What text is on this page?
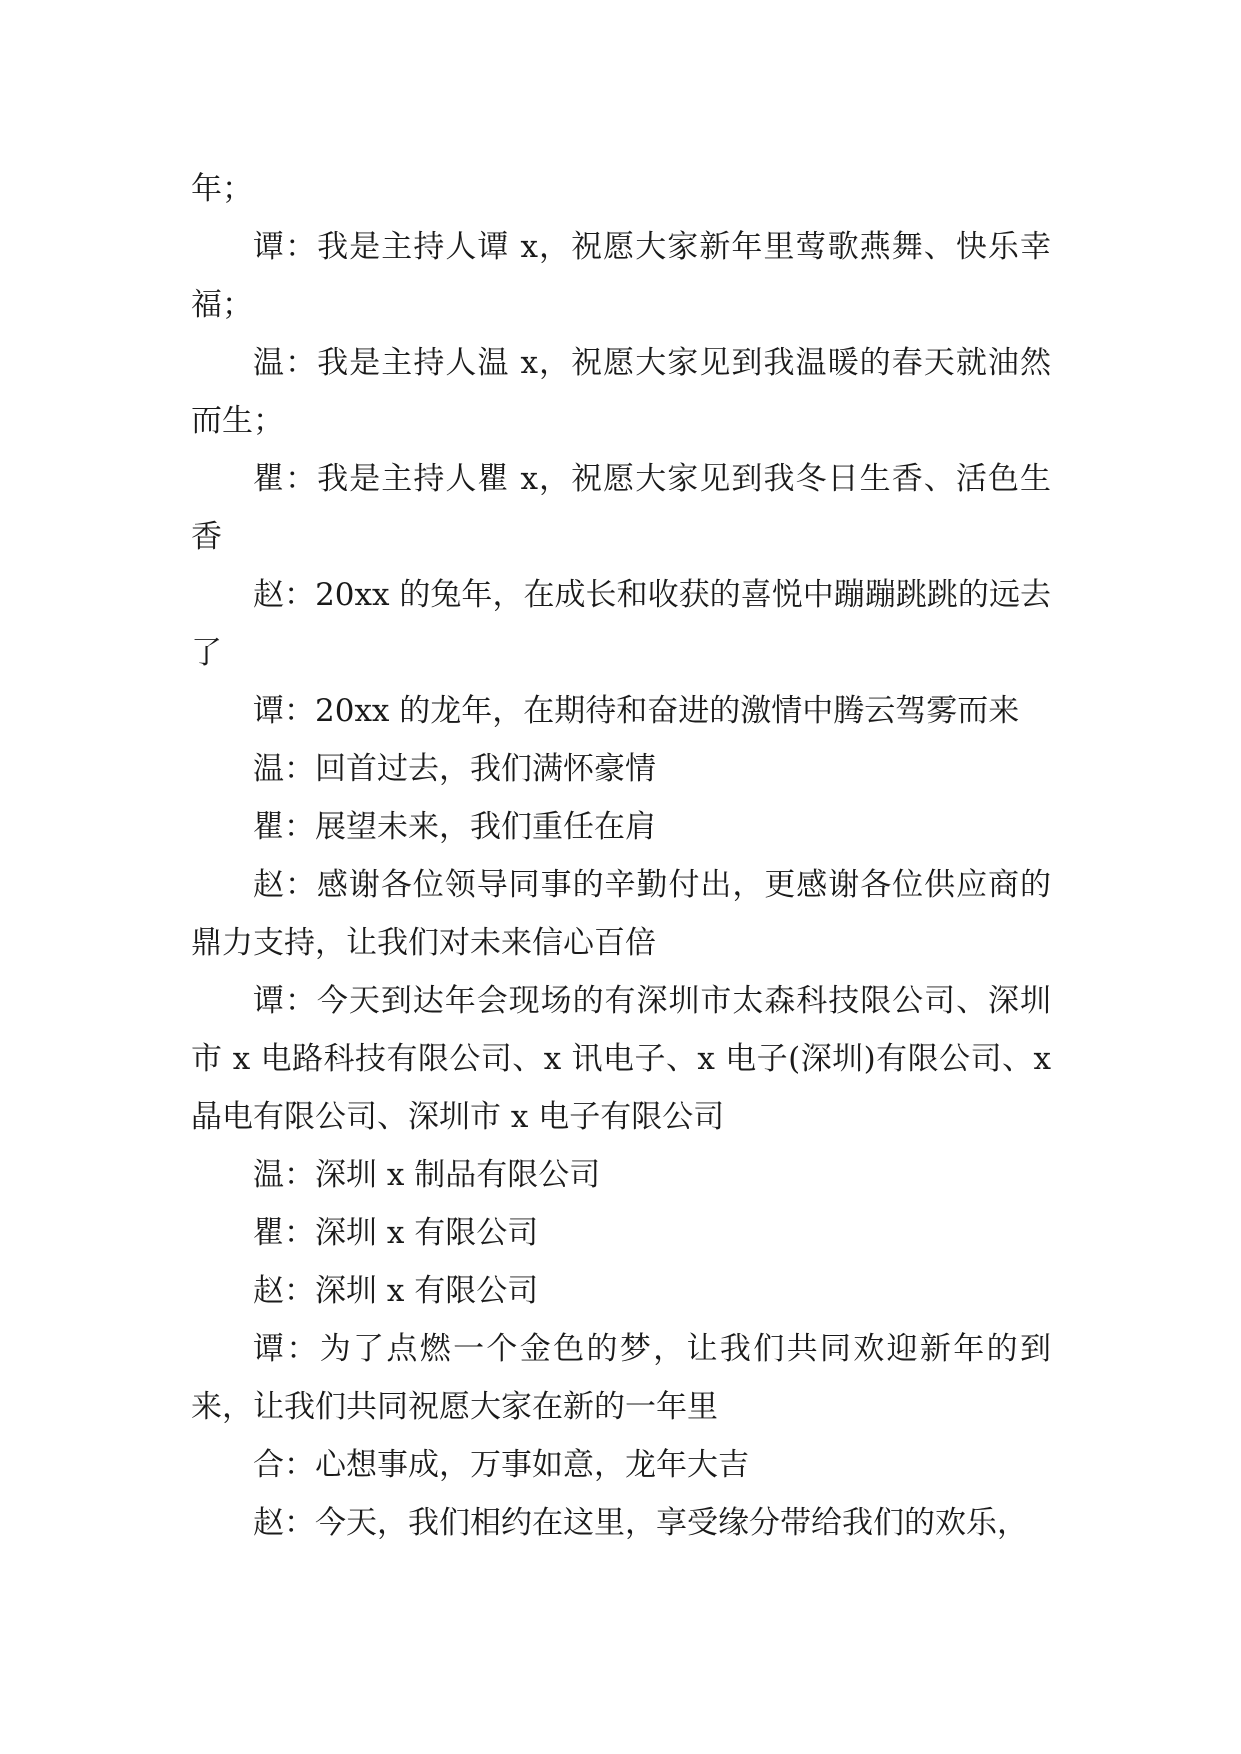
年；

谭：我是主持人谭 x，祝愿大家新年里莺歌燕舞、快乐幸福；

温：我是主持人温 x，祝愿大家见到我温暖的春天就油然而生；

瞿：我是主持人瞿 x，祝愿大家见到我冬日生香、活色生香

赵：20xx 的兔年，在成长和收获的喜悦中蹦蹦跳跳的远去了

谭：20xx 的龙年，在期待和奋进的激情中腾云驾雾而来

温：回首过去，我们满怀豪情

瞿：展望未来，我们重任在肩

赵：感谢各位领导同事的辛勤付出，更感谢各位供应商的鼎力支持，让我们对未来信心百倍

谭：今天到达年会现场的有深圳市太森科技限公司、深圳市 x 电路科技有限公司、x 讯电子、x 电子(深圳)有限公司、x 晶电有限公司、深圳市 x 电子有限公司

温：深圳 x 制品有限公司

瞿：深圳 x 有限公司

赵：深圳 x 有限公司

谭：为了点燃一个金色的梦，让我们共同欢迎新年的到来，让我们共同祝愿大家在新的一年里

合：心想事成，万事如意，龙年大吉

赵：今天，我们相约在这里，享受缘分带给我们的欢乐，
